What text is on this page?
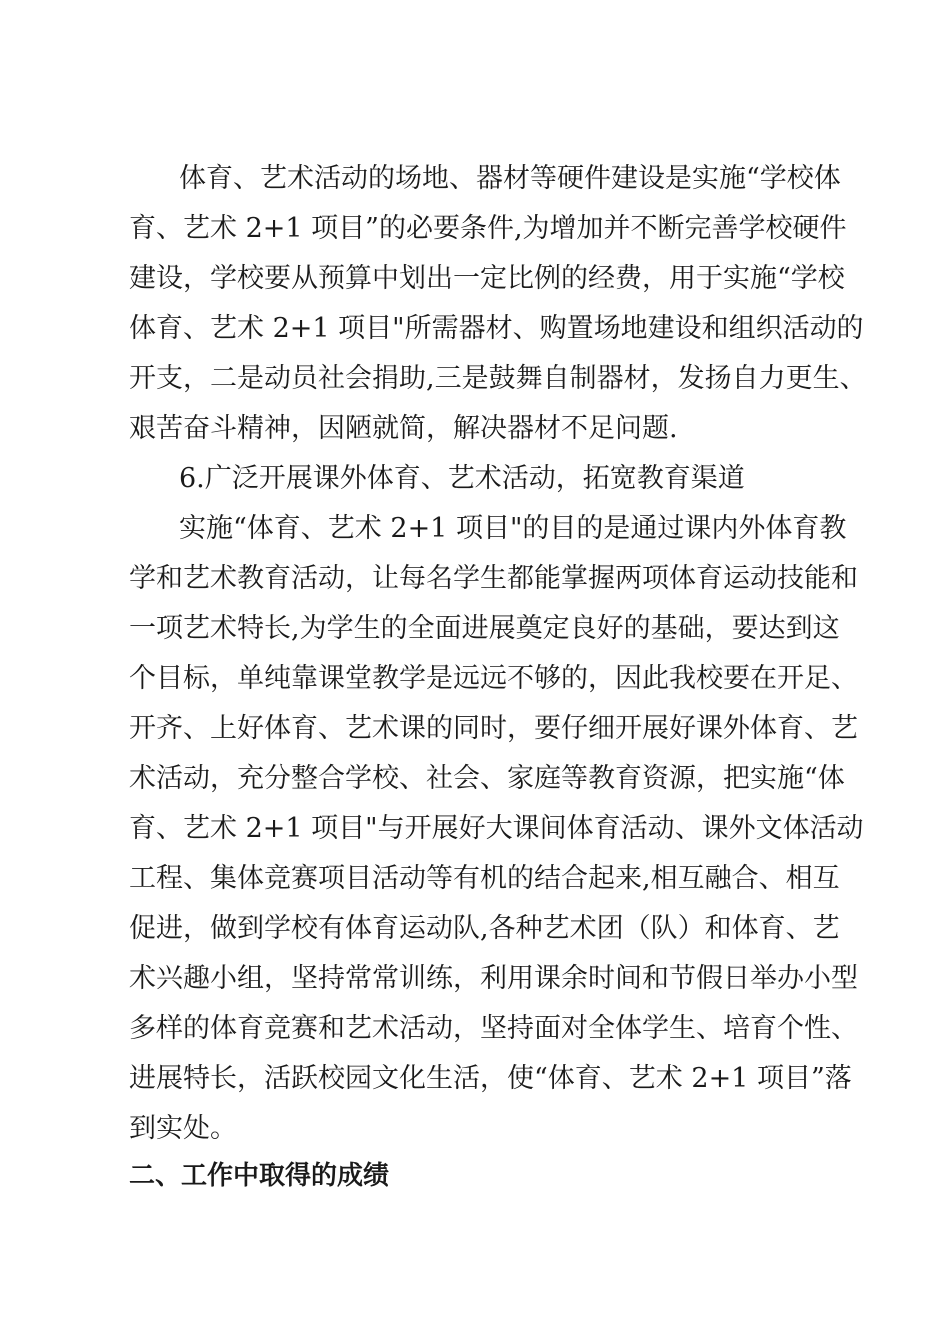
体育、艺术活动的场地、器材等硬件建设是实施“学校体
育、艺术 2+1 项目”的必要条件,为增加并不断完善学校硬件
建设，学校要从预算中划出一定比例的经费，用于实施“学校
体育、艺术 2+1 项目"所需器材、购置场地建设和组织活动的
开支，二是动员社会捐助,三是鼓舞自制器材，发扬自力更生、
艰苦奋斗精神，因陋就简，解决器材不足问题.
6.广泛开展课外体育、艺术活动，拓宽教育渠道
实施“体育、艺术 2+1 项目"的目的是通过课内外体育教
学和艺术教育活动，让每名学生都能掌握两项体育运动技能和
一项艺术特长,为学生的全面进展奠定良好的基础，要达到这
个目标，单纯靠课堂教学是远远不够的，因此我校要在开足、
开齐、上好体育、艺术课的同时，要仔细开展好课外体育、艺
术活动，充分整合学校、社会、家庭等教育资源，把实施“体
育、艺术 2+1 项目"与开展好大课间体育活动、课外文体活动
工程、集体竞赛项目活动等有机的结合起来,相互融合、相互
促进，做到学校有体育运动队,各种艺术团（队）和体育、艺
术兴趣小组，坚持常常训练，利用课余时间和节假日举办小型
多样的体育竞赛和艺术活动，坚持面对全体学生、培育个性、
进展特长，活跃校园文化生活，使“体育、艺术 2+1 项目”落
到实处。
二、工作中取得的成绩
